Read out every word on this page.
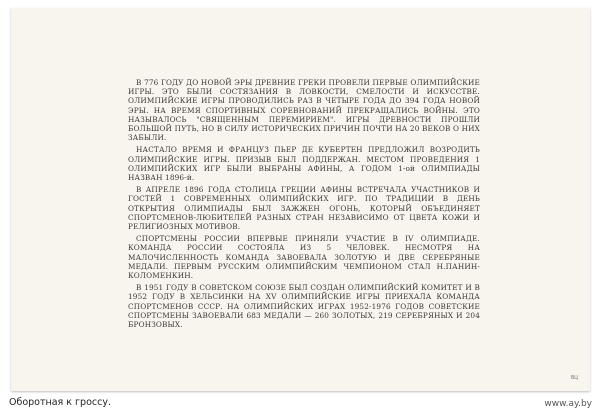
В 776 ГОДУ ДО НОВОЙ ЭРЫ ДРЕВНИЕ ГРЕКИ ПРОВЕЛИ ПЕРВЫЕ ОЛИМПИЙСКИЕ ИГРЫ. ЭТО БЫЛИ СОСТЯЗАНИЯ В ЛОВКОСТИ, СМЕЛОСТИ И ИСКУССТВЕ. ОЛИМПИЙСКИЕ ИГРЫ ПРОВОДИЛИСЬ РАЗ В ЧЕТЫРЕ ГОДА ДО 394 ГОДА НОВОЙ ЭРЫ. НА ВРЕМЯ СПОРТИВНЫХ СОРЕВНОВАНИЙ ПРЕКРАЩАЛИСЬ ВОЙНЫ. ЭТО НАЗЫВАЛОСЬ "СВЯЩЕННЫМ ПЕРЕМИРИЕМ". ИГРЫ ДРЕВНОСТИ ПРОШЛИ БОЛЬШОЙ ПУТЬ, НО В СИЛУ ИСТОРИЧЕСКИХ ПРИЧИН ПОЧТИ НА 20 ВЕКОВ О НИХ ЗАБЫЛИ.

НАСТАЛО ВРЕМЯ И ФРАНЦУЗ ПЬЕР ДЕ КУБЕРТЕН ПРЕДЛОЖИЛ ВОЗРОДИТЬ ОЛИМПИЙСКИЕ ИГРЫ. ПРИЗЫВ БЫЛ ПОДДЕРЖАН. МЕСТОМ ПРОВЕДЕНИЯ 1 ОЛИМПИЙСКИХ ИГР БЫЛИ ВЫБРАНЫ АФИНЫ, А ГОДОМ 1-ой ОЛИМПИАДЫ НАЗВАН 1896-й.

В АПРЕЛЕ 1896 ГОДА СТОЛИЦА ГРЕЦИИ АФИНЫ ВСТРЕЧАЛА УЧАСТНИКОВ И ГОСТЕЙ 1 СОВРЕМЕННЫХ ОЛИМПИЙСКИХ ИГР. ПО ТРАДИЦИИ В ДЕНЬ ОТКРЫТИЯ ОЛИМПИАДЫ БЫЛ ЗАЖЖЕН ОГОНЬ, КОТОРЫЙ ОБЪЕДИНЯЕТ СПОРТСМЕНОВ-ЛЮБИТЕЛЕЙ РАЗНЫХ СТРАН НЕЗАВИСИМО ОТ ЦВЕТА КОЖИ И РЕЛИГИОЗНЫХ МОТИВОВ.

СПОРТСМЕНЫ РОССИИ ВПЕРВЫЕ ПРИНЯЛИ УЧАСТИЕ В IV ОЛИМПИАДЕ. КОМАНДА РОССИИ СОСТОЯЛА ИЗ 5 ЧЕЛОВЕК. НЕСМОТРЯ НА МАЛОЧИСЛЕННОСТЬ КОМАНДА ЗАВОЕВАЛА ЗОЛОТУЮ И ДВЕ СЕРЕБРЯНЫЕ МЕДАЛИ. ПЕРВЫМ РУССКИМ ОЛИМПИЙСКИМ ЧЕМПИОНОМ СТАЛ Н.ПАНИН-КОЛОМЕНКИН.

В 1951 ГОДУ В СОВЕТСКОМ СОЮЗЕ БЫЛ СОЗДАН ОЛИМПИЙСКИЙ КОМИТЕТ И В 1952 ГОДУ В ХЕЛЬСИНКИ НА XV ОЛИМПИЙСКИЕ ИГРЫ ПРИЕХАЛА КОМАНДА СПОРТСМЕНОВ СССР. НА ОЛИМПИЙСКИХ ИГРАХ 1952-1976 ГОДОВ СОВЕТСКИЕ СПОРТСМЕНЫ ЗАВОЕВАЛИ 683 МЕДАЛИ — 260 ЗОЛОТЫХ, 219 СЕРЕБРЯНЫХ И 204 БРОНЗОВЫХ.

ВЦ
Оборотная к гроссу.	www.ay.by
